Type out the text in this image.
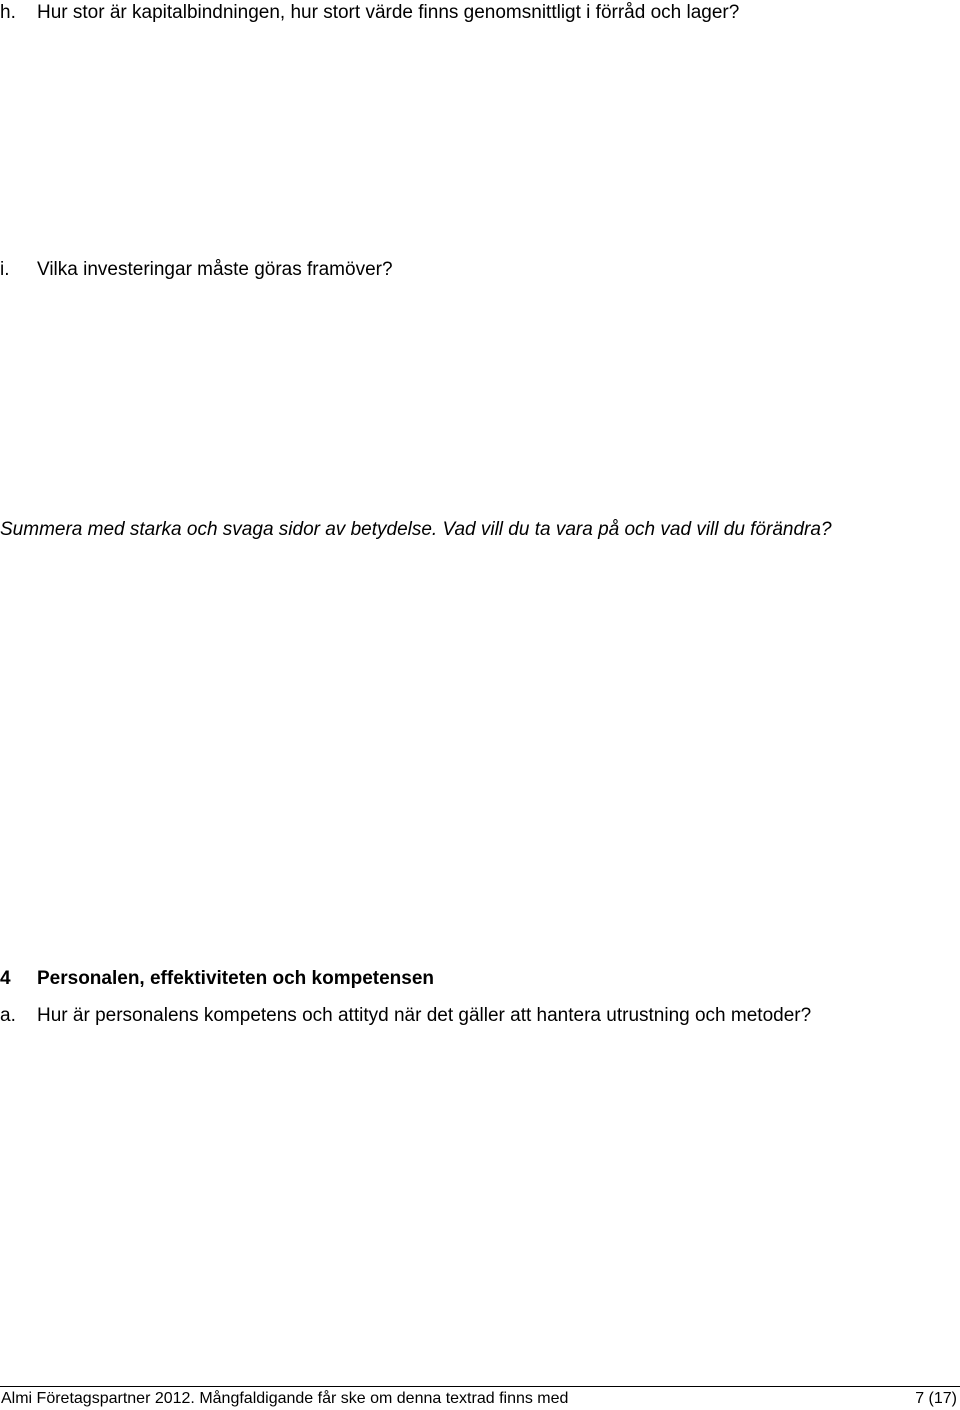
h. Hur stor är kapitalbindningen, hur stort värde finns genomsnittligt i förråd och lager?
i. Vilka investeringar måste göras framöver?
Summera med starka och svaga sidor av betydelse. Vad vill du ta vara på och vad vill du förändra?
4 Personalen, effektiviteten och kompetensen
a. Hur är personalens kompetens och attityd när det gäller att hantera utrustning och metoder?
Almi Företagspartner 2012. Mångfaldigande får ske om denna textrad finns med	7 (17)
